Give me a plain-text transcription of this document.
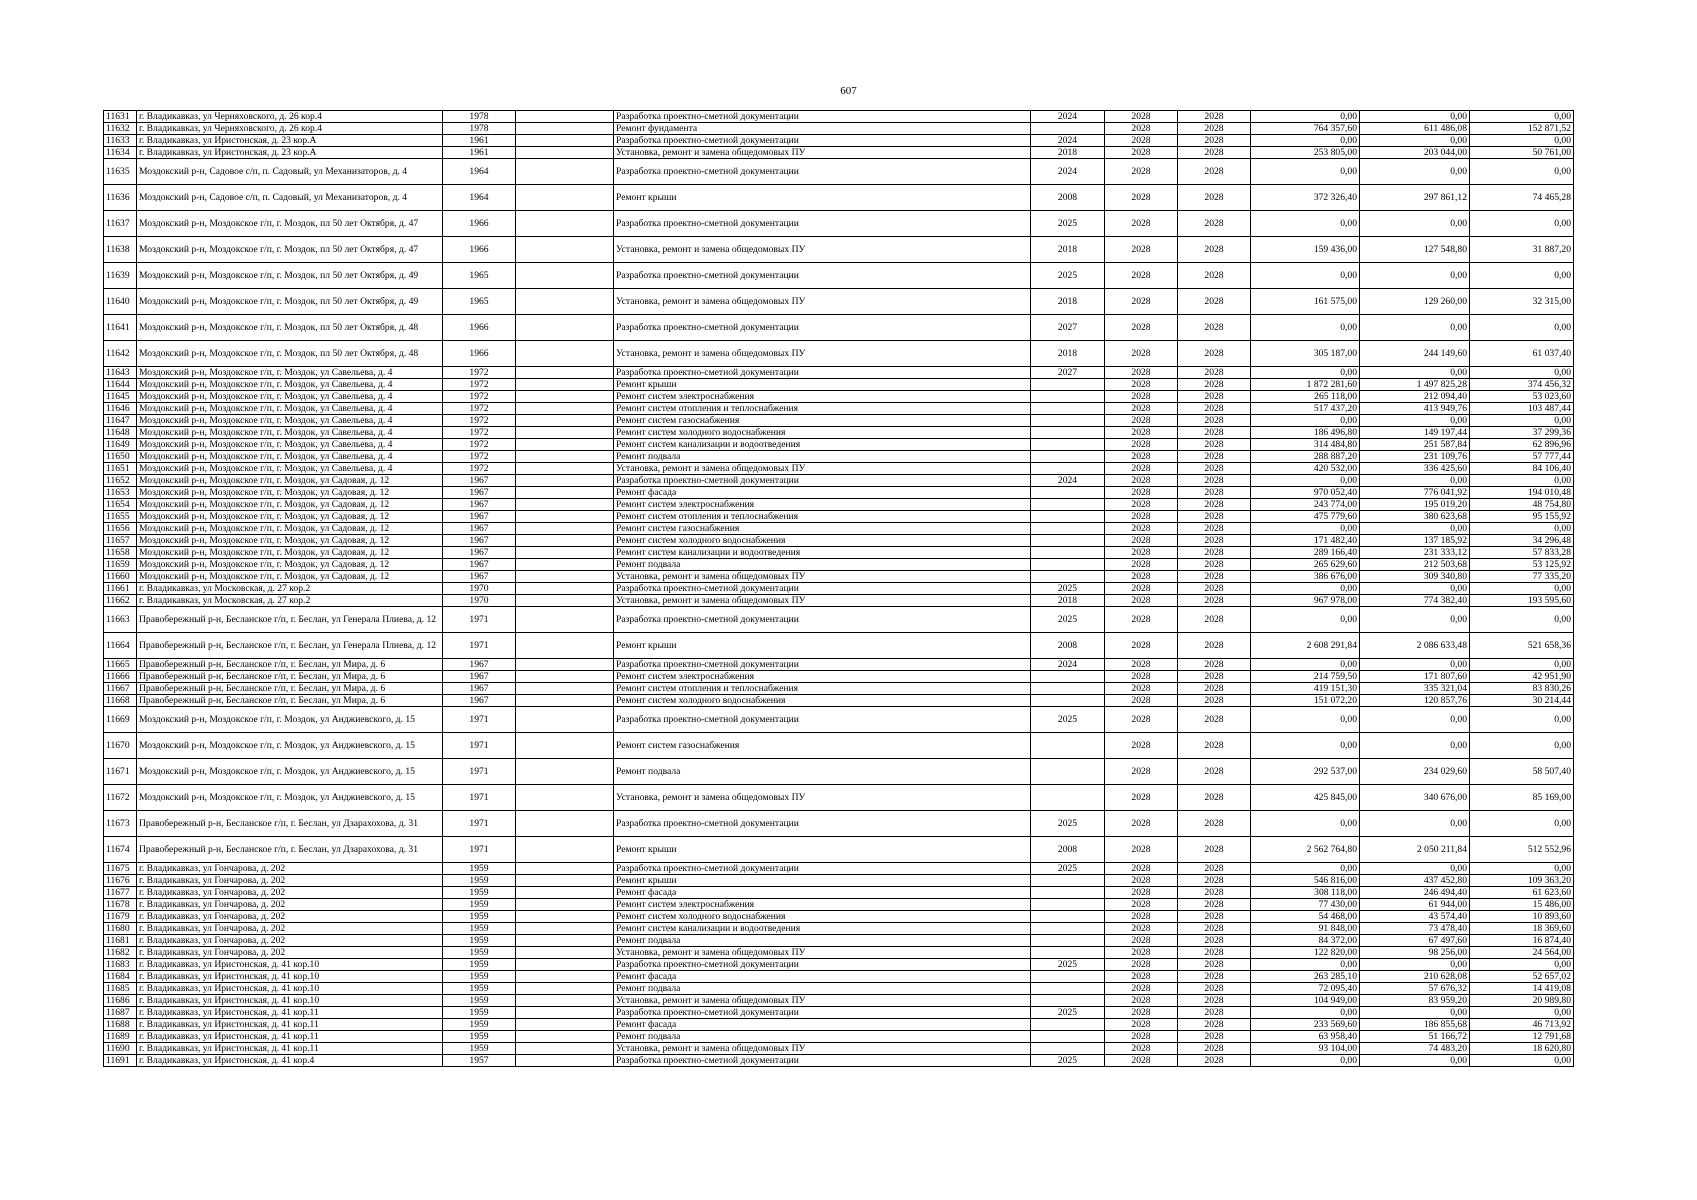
607
11631	г. Владикавказ, ул Черняховского, д. 26 кор.4	1978		Разработка проектно-сметной документации	2024	2028	2028	0,00	0,00	0,00
11632	г. Владикавказ, ул Черняховского, д. 26 кор.4	1978		Ремонт фундамента		2028	2028	764 357,60	611 486,08	152 871,52
11633	г. Владикавказ, ул Иристонская, д. 23 кор.А	1961		Разработка проектно-сметной документации	2024	2028	2028	0,00	0,00	0,00
11634	г. Владикавказ, ул Иристонская, д. 23 кор.А	1961		Установка, ремонт и замена общедомовых ПУ	2018	2028	2028	253 805,00	203 044,00	50 761,00
11635	Моздокский р-н, Садовое с/п, п. Садовый, ул Механизаторов, д. 4	1964		Разработка проектно-сметной документации	2024	2028	2028	0,00	0,00	0,00
11636	Моздокский р-н, Садовое с/п, п. Садовый, ул Механизаторов, д. 4	1964		Ремонт крыши	2008	2028	2028	372 326,40	297 861,12	74 465,28
11637	Моздокский р-н, Моздокское г/п, г. Моздок, пл 50 лет Октября, д. 47	1966		Разработка проектно-сметной документации	2025	2028	2028	0,00	0,00	0,00
11638	Моздокский р-н, Моздокское г/п, г. Моздок, пл 50 лет Октября, д. 47	1966		Установка, ремонт и замена общедомовых ПУ	2018	2028	2028	159 436,00	127 548,80	31 887,20
11639	Моздокский р-н, Моздокское г/п, г. Моздок, пл 50 лет Октября, д. 49	1965		Разработка проектно-сметной документации	2025	2028	2028	0,00	0,00	0,00
11640	Моздокский р-н, Моздокское г/п, г. Моздок, пл 50 лет Октября, д. 49	1965		Установка, ремонт и замена общедомовых ПУ	2018	2028	2028	161 575,00	129 260,00	32 315,00
11641	Моздокский р-н, Моздокское г/п, г. Моздок, пл 50 лет Октября, д. 48	1966		Разработка проектно-сметной документации	2027	2028	2028	0,00	0,00	0,00
11642	Моздокский р-н, Моздокское г/п, г. Моздок, пл 50 лет Октября, д. 48	1966		Установка, ремонт и замена общедомовых ПУ	2018	2028	2028	305 187,00	244 149,60	61 037,40
11643	Моздокский р-н, Моздокское г/п, г. Моздок, ул Савельева, д. 4	1972		Разработка проектно-сметной документации	2027	2028	2028	0,00	0,00	0,00
11644	Моздокский р-н, Моздокское г/п, г. Моздок, ул Савельева, д. 4	1972		Ремонт крыши		2028	2028	1 872 281,60	1 497 825,28	374 456,32
11645	Моздокский р-н, Моздокское г/п, г. Моздок, ул Савельева, д. 4	1972		Ремонт систем электроснабжения		2028	2028	265 118,00	212 094,40	53 023,60
11646	Моздокский р-н, Моздокское г/п, г. Моздок, ул Савельева, д. 4	1972		Ремонт систем отопления и теплоснабжения		2028	2028	517 437,20	413 949,76	103 487,44
11647	Моздокский р-н, Моздокское г/п, г. Моздок, ул Савельева, д. 4	1972		Ремонт систем газоснабжения		2028	2028	0,00	0,00	0,00
11648	Моздокский р-н, Моздокское г/п, г. Моздок, ул Савельева, д. 4	1972		Ремонт систем холодного водоснабжения		2028	2028	186 496,80	149 197,44	37 299,36
11649	Моздокский р-н, Моздокское г/п, г. Моздок, ул Савельева, д. 4	1972		Ремонт систем канализации и водоотведения		2028	2028	314 484,80	251 587,84	62 896,96
11650	Моздокский р-н, Моздокское г/п, г. Моздок, ул Савельева, д. 4	1972		Ремонт подвала		2028	2028	288 887,20	231 109,76	57 777,44
11651	Моздокский р-н, Моздокское г/п, г. Моздок, ул Савельева, д. 4	1972		Установка, ремонт и замена общедомовых ПУ		2028	2028	420 532,00	336 425,60	84 106,40
11652	Моздокский р-н, Моздокское г/п, г. Моздок, ул Садовая, д. 12	1967		Разработка проектно-сметной документации	2024	2028	2028	0,00	0,00	0,00
11653	Моздокский р-н, Моздокское г/п, г. Моздок, ул Садовая, д. 12	1967		Ремонт фасада		2028	2028	970 052,40	776 041,92	194 010,48
11654	Моздокский р-н, Моздокское г/п, г. Моздок, ул Садовая, д. 12	1967		Ремонт систем электроснабжения		2028	2028	243 774,00	195 019,20	48 754,80
11655	Моздокский р-н, Моздокское г/п, г. Моздок, ул Садовая, д. 12	1967		Ремонт систем отопления и теплоснабжения		2028	2028	475 779,60	380 623,68	95 155,92
11656	Моздокский р-н, Моздокское г/п, г. Моздок, ул Садовая, д. 12	1967		Ремонт систем газоснабжения		2028	2028	0,00	0,00	0,00
11657	Моздокский р-н, Моздокское г/п, г. Моздок, ул Садовая, д. 12	1967		Ремонт систем холодного водоснабжения		2028	2028	171 482,40	137 185,92	34 296,48
11658	Моздокский р-н, Моздокское г/п, г. Моздок, ул Садовая, д. 12	1967		Ремонт систем канализации и водоотведения		2028	2028	289 166,40	231 333,12	57 833,28
11659	Моздокский р-н, Моздокское г/п, г. Моздок, ул Садовая, д. 12	1967		Ремонт подвала		2028	2028	265 629,60	212 503,68	53 125,92
11660	Моздокский р-н, Моздокское г/п, г. Моздок, ул Садовая, д. 12	1967		Установка, ремонт и замена общедомовых ПУ		2028	2028	386 676,00	309 340,80	77 335,20
11661	г. Владикавказ, ул Московская, д. 27 кор.2	1970		Разработка проектно-сметной документации	2025	2028	2028	0,00	0,00	0,00
11662	г. Владикавказ, ул Московская, д. 27 кор.2	1970		Установка, ремонт и замена общедомовых ПУ	2018	2028	2028	967 978,00	774 382,40	193 595,60
11663	Правобережный р-н, Беcланское г/п, г. Беслан, ул Генерала Плиева, д. 12	1971		Разработка проектно-сметной документации	2025	2028	2028	0,00	0,00	0,00
11664	Правобережный р-н, Беcланское г/п, г. Беслан, ул Генерала Плиева, д. 12	1971		Ремонт крыши	2008	2028	2028	2 608 291,84	2 086 633,48	521 658,36
11665	Правобережный р-н, Беcланское г/п, г. Беслан, ул Мира, д. 6	1967		Разработка проектно-сметной документации	2024	2028	2028	0,00	0,00	0,00
11666	Правобережный р-н, Беcланское г/п, г. Беслан, ул Мира, д. 6	1967		Ремонт систем электроснабжения		2028	2028	214 759,50	171 807,60	42 951,90
11667	Правобережный р-н, Беcланское г/п, г. Беслан, ул Мира, д. 6	1967		Ремонт систем отопления и теплоснабжения		2028	2028	419 151,30	335 321,04	83 830,26
11668	Правобережный р-н, Беcланское г/п, г. Беслан, ул Мира, д. 6	1967		Ремонт систем холодного водоснабжения		2028	2028	151 072,20	120 857,76	30 214,44
11669	Моздокский р-н, Моздокское г/п, г. Моздок, ул Анджиевского, д. 15	1971		Разработка проектно-сметной документации	2025	2028	2028	0,00	0,00	0,00
11670	Моздокский р-н, Моздокское г/п, г. Моздок, ул Анджиевского, д. 15	1971		Ремонт систем газоснабжения		2028	2028	0,00	0,00	0,00
11671	Моздокский р-н, Моздокское г/п, г. Моздок, ул Анджиевского, д. 15	1971		Ремонт подвала		2028	2028	292 537,00	234 029,60	58 507,40
11672	Моздокский р-н, Моздокское г/п, г. Моздок, ул Анджиевского, д. 15	1971		Установка, ремонт и замена общедомовых ПУ		2028	2028	425 845,00	340 676,00	85 169,00
11673	Правобережный р-н, Беcланское г/п, г. Беслан, ул Дзарахохова, д. 31	1971		Разработка проектно-сметной документации	2025	2028	2028	0,00	0,00	0,00
11674	Правобережный р-н, Беcланское г/п, г. Беслан, ул Дзарахохова, д. 31	1971		Ремонт крыши	2008	2028	2028	2 562 764,80	2 050 211,84	512 552,96
11675	г. Владикавказ, ул Гончарова, д. 202	1959		Разработка проектно-сметной документации	2025	2028	2028	0,00	0,00	0,00
11676	г. Владикавказ, ул Гончарова, д. 202	1959		Ремонт крыши		2028	2028	546 816,00	437 452,80	109 363,20
11677	г. Владикавказ, ул Гончарова, д. 202	1959		Ремонт фасада		2028	2028	308 118,00	246 494,40	61 623,60
11678	г. Владикавказ, ул Гончарова, д. 202	1959		Ремонт систем электроснабжения		2028	2028	77 430,00	61 944,00	15 486,00
11679	г. Владикавказ, ул Гончарова, д. 202	1959		Ремонт систем холодного водоснабжения		2028	2028	54 468,00	43 574,40	10 893,60
11680	г. Владикавказ, ул Гончарова, д. 202	1959		Ремонт систем канализации и водоотведения		2028	2028	91 848,00	73 478,40	18 369,60
11681	г. Владикавказ, ул Гончарова, д. 202	1959		Ремонт подвала		2028	2028	84 372,00	67 497,60	16 874,40
11682	г. Владикавказ, ул Гончарова, д. 202	1959		Установка, ремонт и замена общедомовых ПУ		2028	2028	122 820,00	98 256,00	24 564,00
11683	г. Владикавказ, ул Иристонская, д. 41 кор.10	1959		Разработка проектно-сметной документации	2025	2028	2028	0,00	0,00	0,00
11684	г. Владикавказ, ул Иристонская, д. 41 кор.10	1959		Ремонт фасада		2028	2028	263 285,10	210 628,08	52 657,02
11685	г. Владикавказ, ул Иристонская, д. 41 кор.10	1959		Ремонт подвала		2028	2028	72 095,40	57 676,32	14 419,08
11686	г. Владикавказ, ул Иристонская, д. 41 кор.10	1959		Установка, ремонт и замена общедомовых ПУ		2028	2028	104 949,00	83 959,20	20 989,80
11687	г. Владикавказ, ул Иристонская, д. 41 кор.11	1959		Разработка проектно-сметной документации	2025	2028	2028	0,00	0,00	0,00
11688	г. Владикавказ, ул Иристонская, д. 41 кор.11	1959		Ремонт фасада		2028	2028	233 569,60	186 855,68	46 713,92
11689	г. Владикавказ, ул Иристонская, д. 41 кор.11	1959		Ремонт подвала		2028	2028	63 958,40	51 166,72	12 791,68
11690	г. Владикавказ, ул Иристонская, д. 41 кор.11	1959		Установка, ремонт и замена общедомовых ПУ		2028	2028	93 104,00	74 483,20	18 620,80
11691	г. Владикавказ, ул Иристонская, д. 41 кор.4	1957		Разработка проектно-сметной документации	2025	2028	2028	0,00	0,00	0,00
